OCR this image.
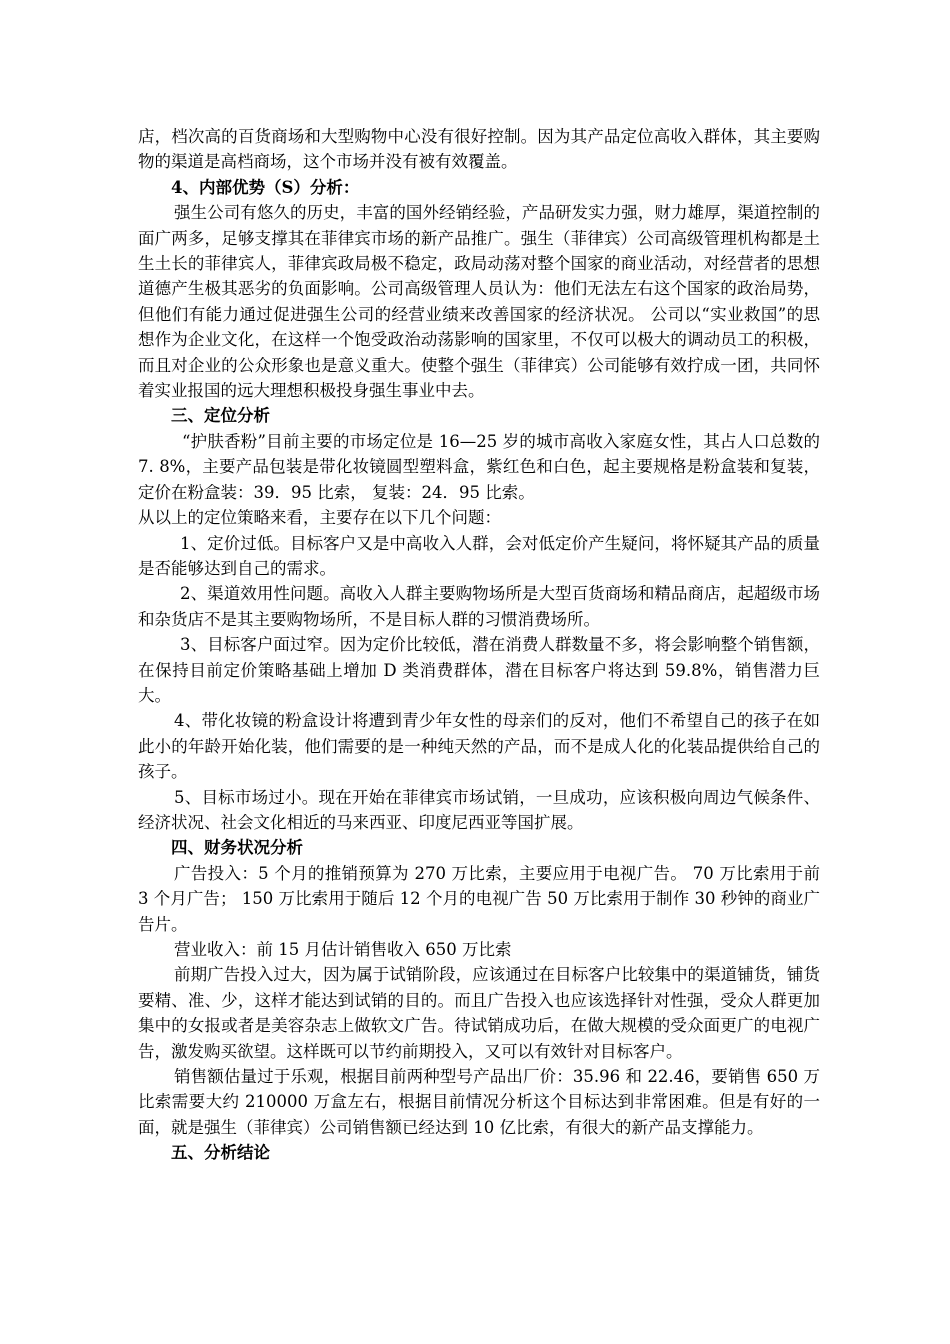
店，档次高的百货商场和大型购物中心没有很好控制。因为其产品定位高收入群体，其主要购物的渠道是高档商场，这个市场并没有被有效覆盖。

4、内部优势（S）分析：

强生公司有悠久的历史，丰富的国外经销经验，产品研发实力强，财力雄厚，渠道控制的面广两多，足够支撑其在菲律宾市场的新产品推广。强生（菲律宾）公司高级管理机构都是土生土长的菲律宾人，菲律宾政局极不稳定，政局动荡对整个国家的商业活动，对经营者的思想道德产生极其恶劣的负面影响。公司高级管理人员认为：他们无法左右这个国家的政治局势，但他们有能力通过促进强生公司的经营业绩来改善国家的经济状况。 公司以“实业救国”的思想作为企业文化，在这样一个饱受政治动荡影响的国家里，不仅可以极大的调动员工的积极，而且对企业的公众形象也是意义重大。使整个强生（菲律宾）公司能够有效拧成一团，共同怀着实业报国的远大理想积极投身强生事业中去。

三、定位分析

“护肤香粉”目前主要的市场定位是 16—25 岁的城市高收入家庭女性，其占人口总数的 7. 8%，主要产品包装是带化妆镜圆型塑料盒，紫红色和白色，起主要规格是粉盒装和复装，定价在粉盒装：39．95 比索， 复装：24．95 比索。

从以上的定位策略来看，主要存在以下几个问题：

1、定价过低。目标客户又是中高收入人群，会对低定价产生疑问，将怀疑其产品的质量是否能够达到自己的需求。

2、渠道效用性问题。高收入人群主要购物场所是大型百货商场和精品商店，起超级市场和杂货店不是其主要购物场所，不是目标人群的习惯消费场所。

3、目标客户面过窄。因为定价比较低，潜在消费人群数量不多，将会影响整个销售额，在保持目前定价策略基础上增加 D 类消费群体，潜在目标客户将达到 59.8%，销售潜力巨大。

4、带化妆镜的粉盒设计将遭到青少年女性的母亲们的反对，他们不希望自己的孩子在如此小的年龄开始化装，他们需要的是一种纯天然的产品，而不是成人化的化装品提供给自己的孩子。

5、目标市场过小。现在开始在菲律宾市场试销，一旦成功，应该积极向周边气候条件、经济状况、社会文化相近的马来西亚、印度尼西亚等国扩展。

四、财务状况分析

广告投入：5 个月的推销预算为 270 万比索，主要应用于电视广告。 70 万比索用于前 3 个月广告； 150 万比索用于随后 12 个月的电视广告 50 万比索用于制作 30 秒钟的商业广告片。

营业收入：前 15 月估计销售收入 650 万比索

前期广告投入过大，因为属于试销阶段，应该通过在目标客户比较集中的渠道铺货，铺货要精、准、少，这样才能达到试销的目的。而且广告投入也应该选择针对性强，受众人群更加集中的女报或者是美容杂志上做软文广告。待试销成功后，在做大规模的受众面更广的电视广告，激发购买欲望。这样既可以节约前期投入，又可以有效针对目标客户。

销售额估量过于乐观，根据目前两种型号产品出厂价：35.96 和 22.46，要销售 650 万比索需要大约 210000 万盒左右，根据目前情况分析这个目标达到非常困难。但是有好的一面，就是强生（菲律宾）公司销售额已经达到 10 亿比索，有很大的新产品支撑能力。

五、分析结论
